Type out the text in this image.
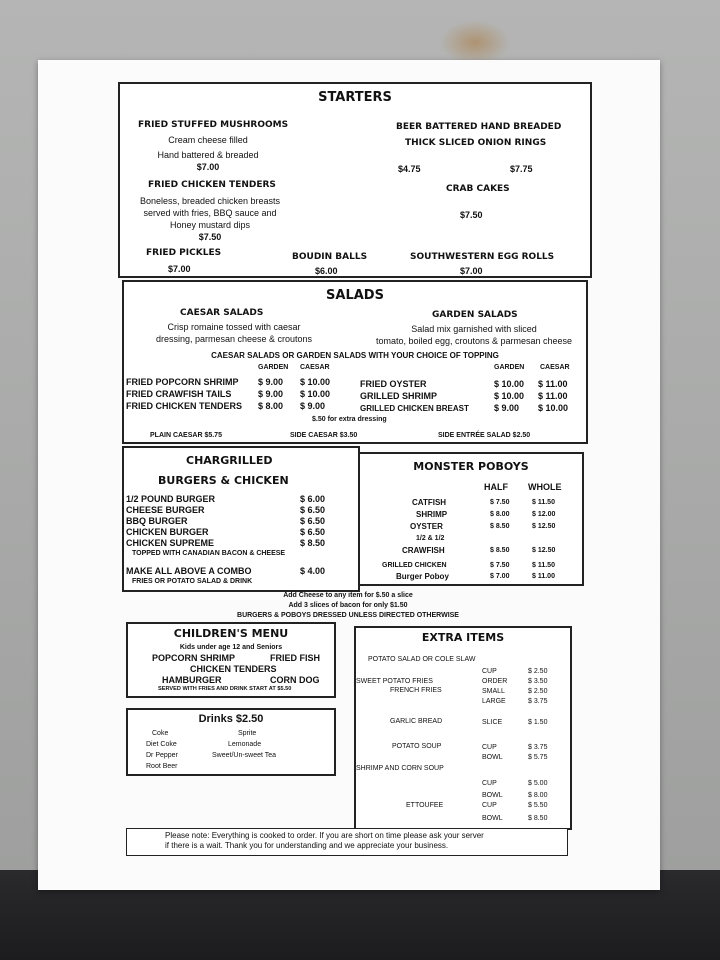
STARTERS
FRIED STUFFED MUSHROOMS
Cream cheese filled
Hand battered & breaded
$7.00
BEER BATTERED HAND BREADED
THICK SLICED ONION RINGS
$4.75	$7.75
FRIED CHICKEN TENDERS
Boneless, breaded chicken breasts
served with fries, BBQ sauce and
Honey mustard dips
$7.50
CRAB CAKES
$7.50
FRIED PICKLES
$7.00
BOUDIN BALLS
$6.00
SOUTHWESTERN EGG ROLLS
$7.00
SALADS
CAESAR SALADS
Crisp romaine tossed with caesar
dressing, parmesan cheese & croutons
GARDEN SALADS
Salad mix garnished with sliced
tomato, boiled egg, croutons & parmesan cheese
CAESAR SALADS OR GARDEN SALADS WITH YOUR CHOICE OF TOPPING
GARDEN CAESAR	GARDEN CAESAR
FRIED POPCORN SHRIMP $ 9.00 $ 10.00
FRIED CRAWFISH TAILS	$ 9.00 $ 10.00
FRIED CHICKEN TENDERS $ 8.00 $ 9.00
FRIED OYSTER	$ 10.00 $ 11.00
GRILLED SHRIMP	$ 10.00 $ 11.00
GRILLED CHICKEN BREAST	$ 9.00 $ 10.00
$.50 for extra dressing
PLAIN CAESAR $5.75	SIDE CAESAR $3.50	SIDE ENTRÉE SALAD $2.50
CHARGRILLED
BURGERS & CHICKEN
1/2 POUND BURGER	$ 6.00
CHEESE BURGER	$ 6.50
BBQ BURGER	$ 6.50
CHICKEN BURGER	$ 6.50
CHICKEN SUPREME	$ 8.50
TOPPED WITH CANADIAN BACON & CHEESE
MAKE ALL ABOVE A COMBO	$ 4.00
FRIES OR POTATO SALAD & DRINK
MONSTER POBOYS
HALF WHOLE
CATFISH	$ 7.50	$ 11.50
SHRIMP	$ 8.00	$ 12.00
OYSTER	$ 8.50	$ 12.50
1/2 & 1/2
CRAWFISH	$ 8.50	$ 12.50
GRILLED CHICKEN	$ 7.50	$ 11.50
Burger Poboy	$ 7.00	$ 11.00
Add Cheese to any item for $.50 a slice
Add 3 slices of bacon for only $1.50
BURGERS & POBOYS DRESSED UNLESS DIRECTED OTHERWISE
CHILDREN'S MENU
Kids under age 12 and Seniors
POPCORN SHRIMP	FRIED FISH
CHICKEN TENDERS
HAMBURGER	CORN DOG
SERVED WITH FRIES AND DRINK START AT $5.50
Drinks $2.50
Coke
Diet Coke
Dr Pepper
Root Beer
Sprite
Lemonade
Sweet/Un-sweet Tea
EXTRA ITEMS
POTATO SALAD OR COLE SLAW
CUP	$ 2.50
SWEET POTATO FRIES	ORDER	$ 3.50
FRENCH FRIES	SMALL	$ 2.50
LARGE	$ 3.75
GARLIC BREAD	SLICE	$ 1.50
POTATO SOUP	CUP	$ 3.75
BOWL	$ 5.75
SHRIMP AND CORN SOUP
CUP	$ 5.00
BOWL	$ 8.00
ETTOUFEE	CUP	$ 5.50
BOWL	$ 8.50
Please note: Everything is cooked to order. If you are short on time please ask your server
if there is a wait. Thank you for understanding and we appreciate your business.
